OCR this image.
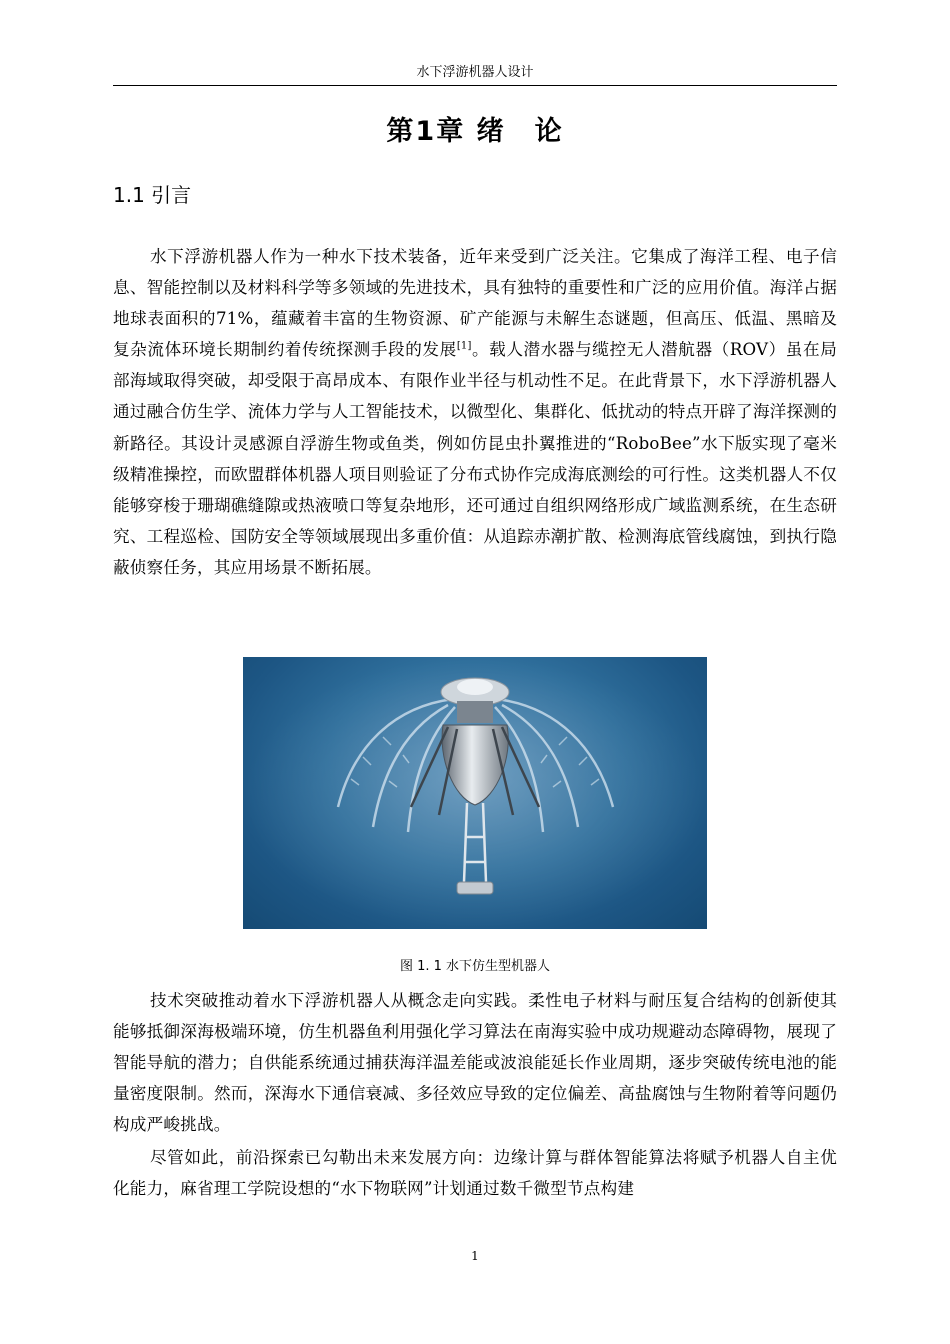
水下浮游机器人设计
第1章 绪　论
1.1 引言

水下浮游机器人作为一种水下技术装备，近年来受到广泛关注。它集成了海洋工程、电子信息、智能控制以及材料科学等多领域的先进技术，具有独特的重要性和广泛的应用价值。海洋占据地球表面积的71%，蕴藏着丰富的生物资源、矿产能源与未解生态谜题，但高压、低温、黑暗及复杂流体环境长期制约着传统探测手段的发展[1]。载人潜水器与缆控无人潜航器（ROV）虽在局部海域取得突破，却受限于高昂成本、有限作业半径与机动性不足。在此背景下，水下浮游机器人通过融合仿生学、流体力学与人工智能技术，以微型化、集群化、低扰动的特点开辟了海洋探测的新路径。其设计灵感源自浮游生物或鱼类，例如仿昆虫扑翼推进的“RoboBee”水下版实现了毫米级精准操控，而欧盟群体机器人项目则验证了分布式协作完成海底测绘的可行性。这类机器人不仅能够穿梭于珊瑚礁缝隙或热液喷口等复杂地形，还可通过自组织网络形成广域监测系统，在生态研究、工程巡检、国防安全等领域展现出多重价值：从追踪赤潮扩散、检测海底管线腐蚀，到执行隐蔽侦察任务，其应用场景不断拓展。

图 1. 1 水下仿生型机器人

技术突破推动着水下浮游机器人从概念走向实践。柔性电子材料与耐压复合结构的创新使其能够抵御深海极端环境，仿生机器鱼利用强化学习算法在南海实验中成功规避动态障碍物，展现了智能导航的潜力；自供能系统通过捕获海洋温差能或波浪能延长作业周期，逐步突破传统电池的能量密度限制。然而，深海水下通信衰减、多径效应导致的定位偏差、高盐腐蚀与生物附着等问题仍构成严峻挑战。

尽管如此，前沿探索已勾勒出未来发展方向：边缘计算与群体智能算法将赋予机器人自主优化能力，麻省理工学院设想的“水下物联网”计划通过数千微型节点构建

1
